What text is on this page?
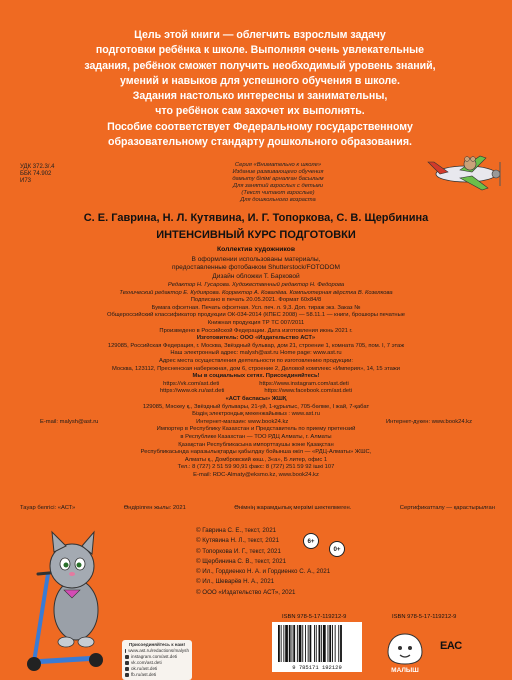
Цель этой книги — облегчить взрослым задачу

подготовки ребёнка к школе. Выполняя очень увлекательные

задания, ребёнок сможет получить необходимый уровень знаний,

умений и навыков для успешного обучения в школе.

Задания настолько интересны и занимательны,

что ребёнок сам захочет их выполнять.

Пособие соответствует Федеральному государственному

образовательному стандарту дошкольного образования.

УДК 372.3/.4
ББК 74.902
И73
Серия «Внимательно к школе»
Издание развивающего обучения
дамыту бiлiмi арналған басылым
Для занятий взрослых с детьми
(Текст читают взрослые)
Для дошкольного возраста
С. Е. Гаврина, Н. Л. Кутявина, И. Г. Топоркова, С. В. Щербинина
ИНТЕНСИВНЫЙ КУРС ПОДГОТОВКИ
Коллектив художников
В оформлении использованы материалы,
предоставленные фотобанком Shutterstock/FOTODOM
Дизайн обложки Т. Барковой
Редактор Н. Гусарова. Художественный редактор Н. Федорова
Технический редактор Е. Кудиярова. Корректор А. Ковалёва. Компьютерная вёрстка В. Козелкова
Подписано в печать 20.05.2021. Формат 60x84/8
Бумага офсетная. Печать офсетная. Усл. печ. л. 9,3. Доп. тираж экз. Заказ №
Общероссийский классификатор продукции ОК-034-2014 (КПЕС 2008) — 58.11.1 — книги, брошюры печатные
Книжная продукция ТР ТС 007/2011
Произведено в Российской Федерации. Дата изготовления июнь 2021 г.
Изготовитель: ООО «Издательство АСТ»
129085, Российская Федерация, г. Москва, Звёздный бульвар, дом 21, строение 1, комната 705, пом. I, 7 этаж
Наш электронный адрес: malysh@ast.ru Home page: www.ast.ru
Адрес места осуществления деятельности по изготовлению продукции:
Москва, 123112, Пресненская набережная, дом 6, строение 2, Деловой комплекс «Империя», 14, 15 этажи
Мы в социальных сетях. Присоединяйтесь!
https://vk.com/ast.deti	https://www.instagram.com/ast.deti
https://www.ok.ru/ast.deti	https://www.facebook.com/ast.deti
«АСТ баспасы» ЖШҚ
129085, Мәскеу қ., Звёздный бульвары, 21-үй, 1-құрылыс, 705-бөлме, I жай, 7-қабат
Біздің электрондық мекенжайымыз : www.ast.ru
E-mail: malysh@ast.ru	Интернет-магазин: www.book24.kz	Интернет-дүкен: www.book24.kz
Импортер в Республику Казахстан и Представитель по приему претензий
в Республике Казахстан — ТОО РДЦ Алматы, г. Алматы
Қазақстан Республикасына импорттаушы және Қазақстан
Республикасында наразылықтарды қабылдау бойынша өкіл — «РДЦ-Алматы» ЖШС,
Алматы қ., Домбровский көш., 3«а», Б литер, офис 1
Тел.: 8 (727) 2 51 59 90,91 факс: 8 (727) 251 59 92 ішкі 107
E-mail: RDC-Almaty@eksmo.kz, www.book24.kz
Тауар белгісі: «АСТ»	Өндірілген жылы: 2021	Өнімнің жарамдылық мерзімі шектелмеген.	Сертификатталу — қарастырылған
© Гаврина С. Е., текст, 2021
© Кутявина Н. Л., текст, 2021
© Топоркова И. Г., текст, 2021
© Щербинина С. В., текст, 2021
© Ил., Гордиенко Н. А. и Гордиенко С. А., 2021
© Ил., Шеварёв Н. А., 2021
© ООО «Издательство АСТ», 2021
6+
0+
Присоединяйтесь к нам!
www.ast.ru/redactions/malysh
instagram.com/ast.deti
vk.com/ast.deti
ok.ru/ast.deti
fb.ru/ast.deti
ISBN 978-5-17-119212-9	ISBN 978-5-17-119212-9
9 785171 192129	МАЛЫШ
EAC
